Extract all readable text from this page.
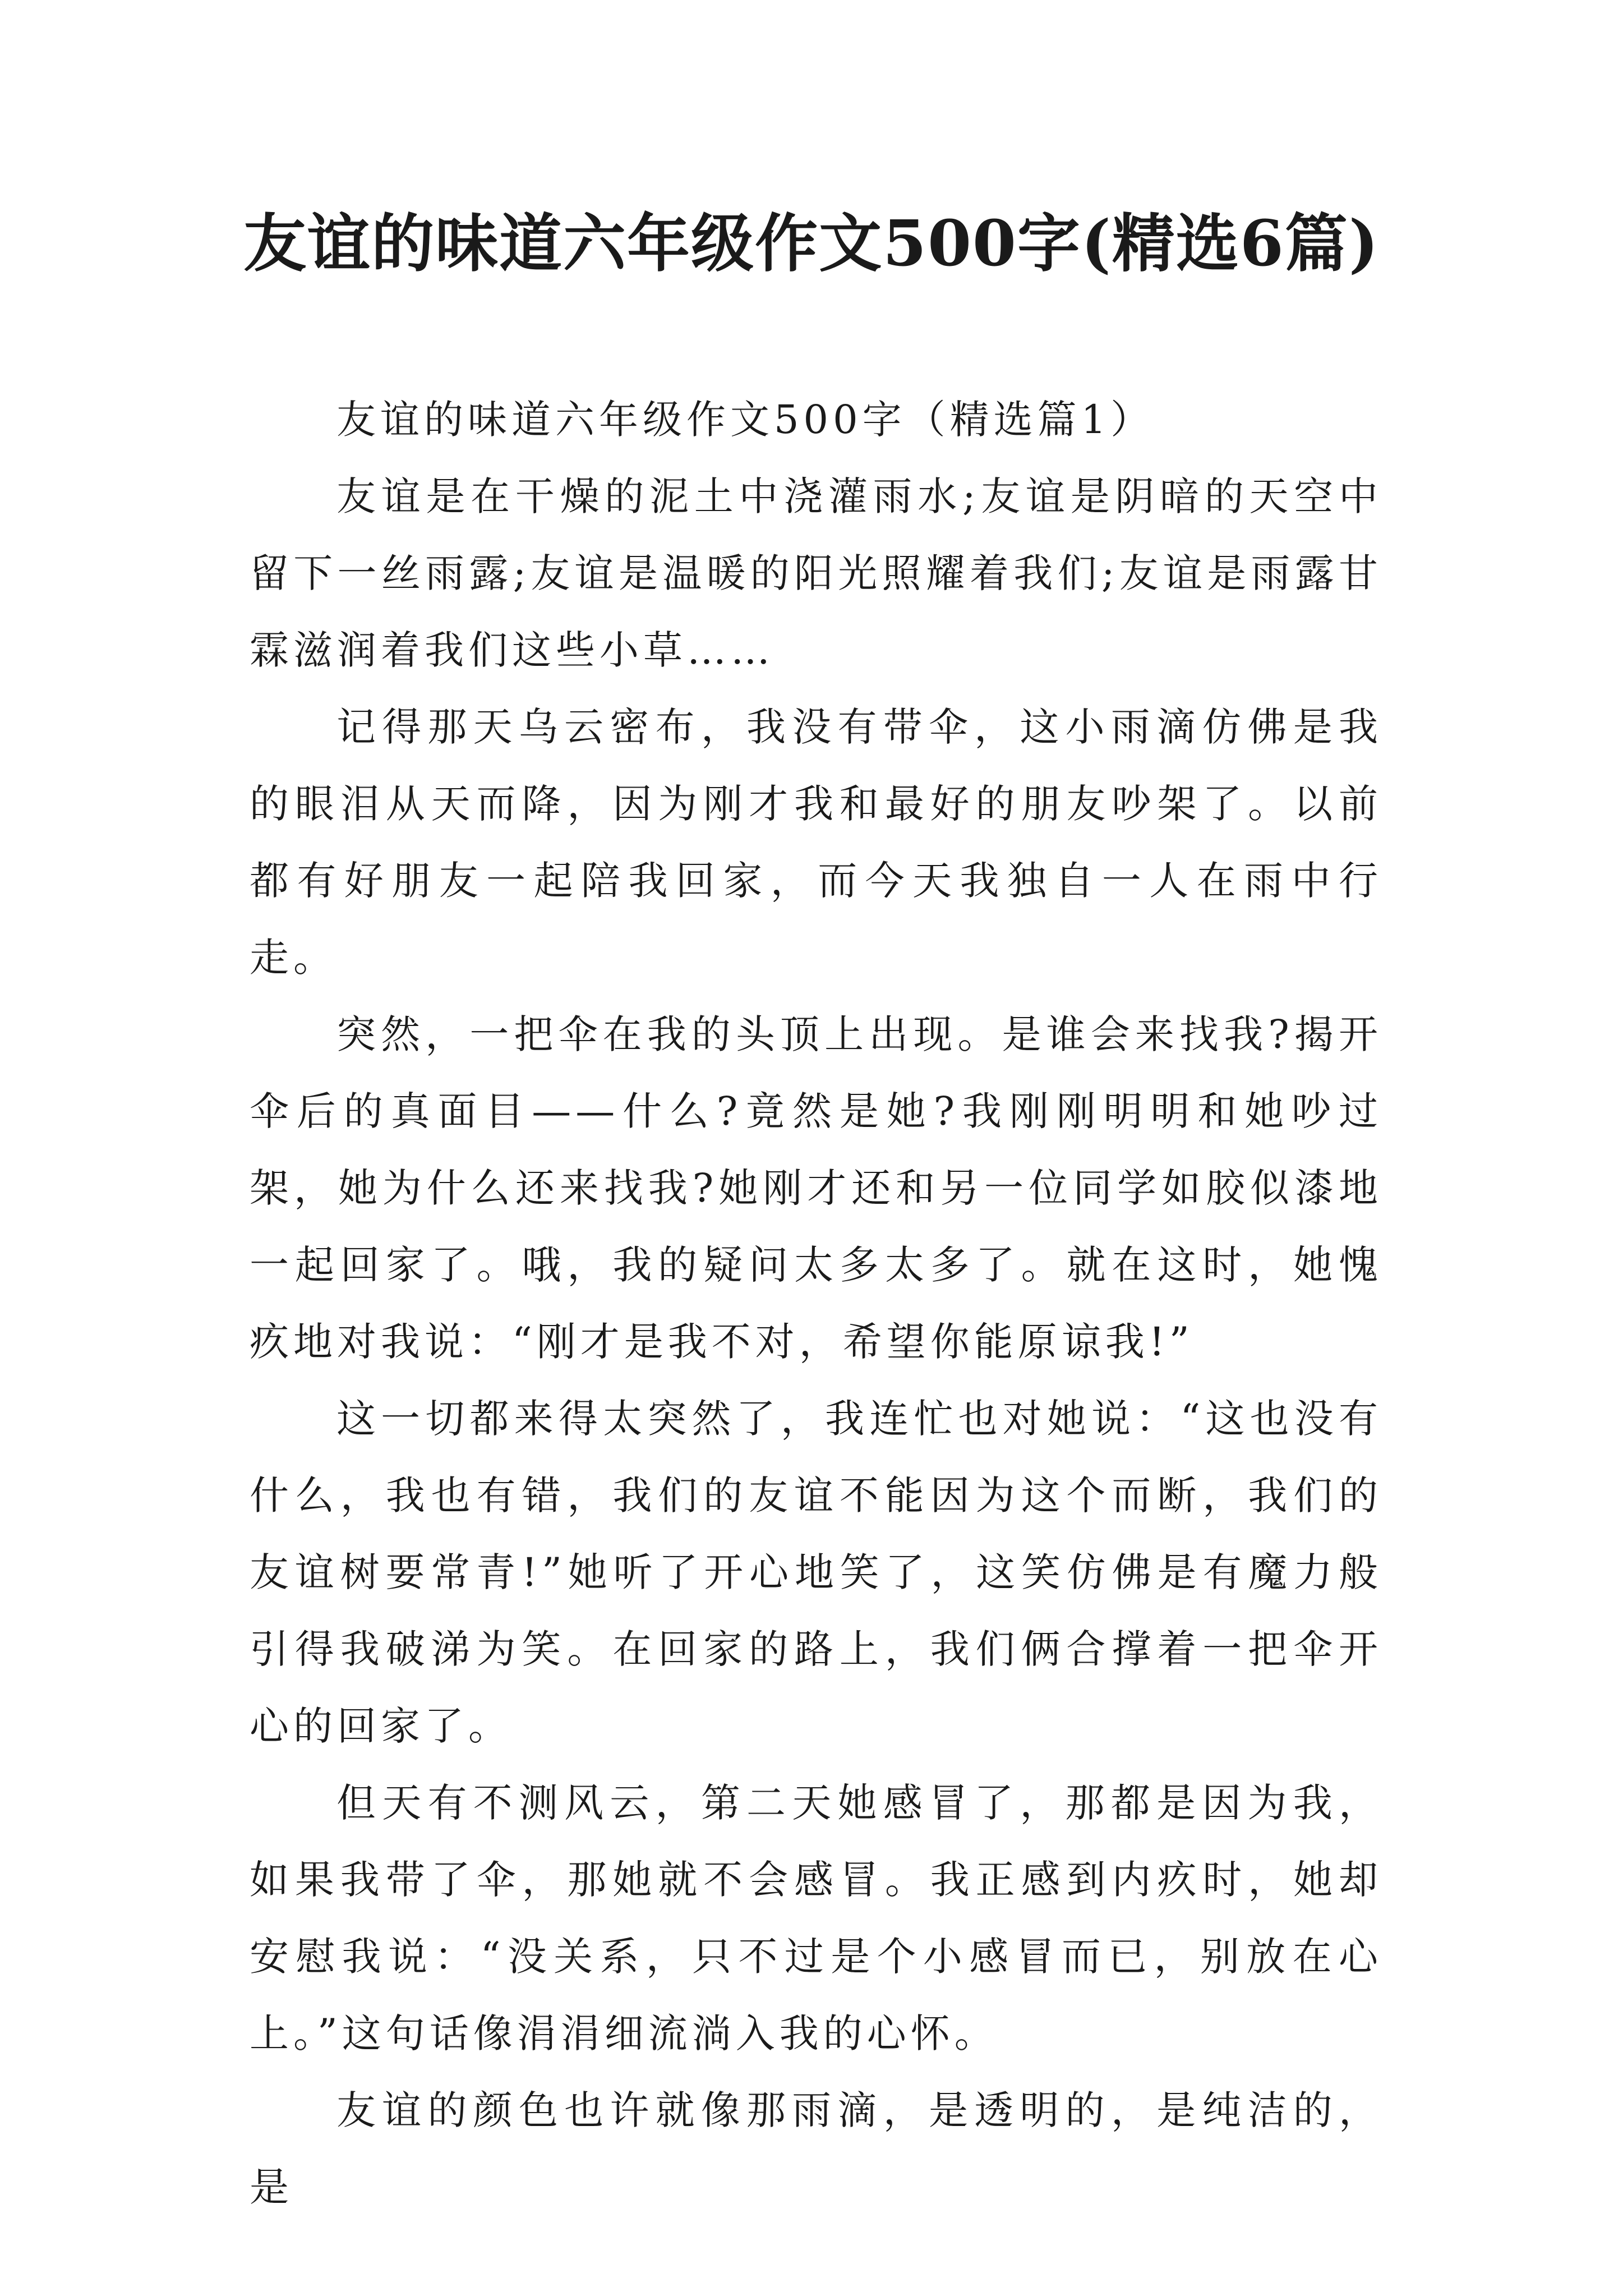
友谊的味道六年级作文500字(精选6篇)

友谊的味道六年级作文500字（精选篇1）

友谊是在干燥的泥土中浇灌雨水;友谊是阴暗的天空中留下一丝雨露;友谊是温暖的阳光照耀着我们;友谊是雨露甘霖滋润着我们这些小草……

记得那天乌云密布，我没有带伞，这小雨滴仿佛是我的眼泪从天而降，因为刚才我和最好的朋友吵架了。以前都有好朋友一起陪我回家，而今天我独自一人在雨中行走。

突然，一把伞在我的头顶上出现。是谁会来找我?揭开伞后的真面目——什么?竟然是她?我刚刚明明和她吵过架，她为什么还来找我?她刚才还和另一位同学如胶似漆地一起回家了。哦，我的疑问太多太多了。就在这时，她愧疚地对我说：“刚才是我不对，希望你能原谅我!”

这一切都来得太突然了，我连忙也对她说：“这也没有什么，我也有错，我们的友谊不能因为这个而断，我们的友谊树要常青!”她听了开心地笑了，这笑仿佛是有魔力般引得我破涕为笑。在回家的路上，我们俩合撑着一把伞开心的回家了。

但天有不测风云，第二天她感冒了，那都是因为我，如果我带了伞，那她就不会感冒。我正感到内疚时，她却安慰我说：“没关系，只不过是个小感冒而已，别放在心上。”这句话像涓涓细流淌入我的心怀。

友谊的颜色也许就像那雨滴，是透明的，是纯洁的，是
